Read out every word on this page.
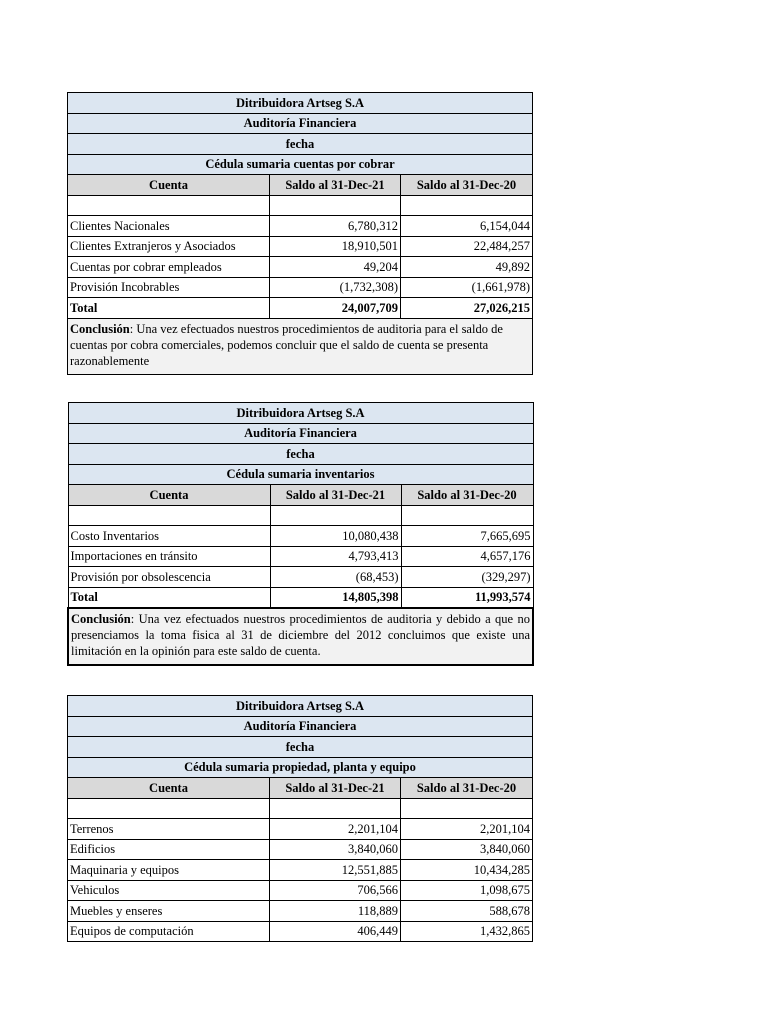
Ditribuidora Artseg S.A		
Auditoría Financiera		
fecha		
Cédula sumaria cuentas por cobrar		
Cuenta	Saldo al 31-Dec-21	Saldo al 31-Dec-20

Clientes Nacionales	6,780,312	6,154,044
Clientes Extranjeros y Asociados	18,910,501	22,484,257
Cuentas por cobrar empleados	49,204	49,892
Provisión Incobrables	(1,732,308)	(1,661,978)
Total	24,007,709	27,026,215
Conclusión: Una vez efectuados nuestros procedimientos de auditoria para el saldo de cuentas por cobra comerciales, podemos concluir que el saldo de cuenta se presenta razonablemente		
Ditribuidora Artseg S.A		
Auditoría Financiera		
fecha		
Cédula sumaria inventarios		
Cuenta	Saldo al 31-Dec-21	Saldo al 31-Dec-20

Costo Inventarios	10,080,438	7,665,695
Importaciones en tránsito	4,793,413	4,657,176
Provisión por obsolescencia	(68,453)	(329,297)
Total	14,805,398	11,993,574
Conclusión: Una vez efectuados nuestros procedimientos de auditoria y debido a que no presenciamos la toma fisica al 31 de diciembre del 2012 concluimos que existe una limitación en la opinión para este saldo de cuenta.		
Ditribuidora Artseg S.A		
Auditoría Financiera		
fecha		
Cédula sumaria propiedad, planta y equipo		
Cuenta	Saldo al 31-Dec-21	Saldo al 31-Dec-20

Terrenos	2,201,104	2,201,104
Edificios	3,840,060	3,840,060
Maquinaria y equipos	12,551,885	10,434,285
Vehiculos	706,566	1,098,675
Muebles y enseres	118,889	588,678
Equipos de computación	406,449	1,432,865
